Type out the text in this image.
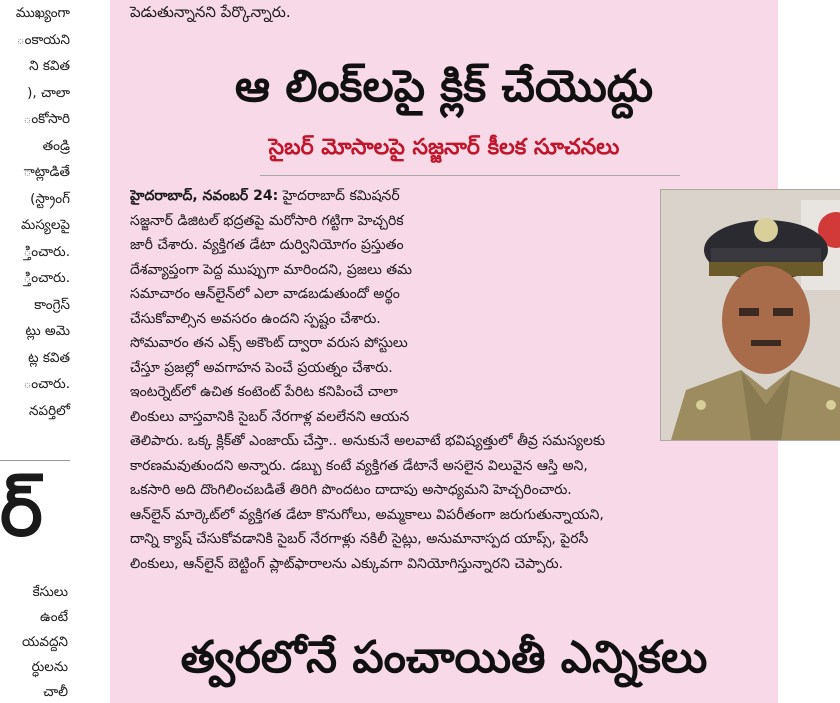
ముఖ్యంగా
ంకాయని
ని కవిత
), చాలా
ంకోసారి
తండ్రి
ాట్లాడితే
(స్ట్రాంగ్
మస్యలపై
్తించారు.
్తించారు.
కాంగ్రెస్
ట్లు అమె
ట్ల కవిత
ంచారు.
నపర్తిలో
ర్
కేసులు
ఉంటే
యవద్దని
ర్ధులను
చాలీ
పెడుతున్నానని పేర్కొన్నారు.
ఆ లింక్‌లపై క్లిక్ చేయొద్దు
సైబర్ మోసాలపై సజ్జనార్ కీలక సూచనలు
హైదరాబాద్, నవంబర్ 24: హైదరాబాద్ కమిషనర్
సజ్జనార్ డిజిటల్ భద్రతపై మరోసారి గట్టిగా హెచ్చరిక
జారీ చేశారు. వ్యక్తిగత డేటా దుర్వినియోగం ప్రస్తుతం
దేశవ్యాప్తంగా పెద్ద ముప్పుగా మారిందని, ప్రజలు తమ
సమాచారం ఆన్‌లైన్‌లో ఎలా వాడబడుతుందో అర్థం
చేసుకోవాల్సిన అవసరం ఉందని స్పష్టం చేశారు.
సోమవారం తన ఎక్స్ అకౌంట్ ద్వారా వరుస పోస్టులు
చేస్తూ ప్రజల్లో అవగాహన పెంచే ప్రయత్నం చేశారు.
ఇంటర్నెట్‌లో ఉచిత కంటెంట్ పేరిట కనిపించే చాలా
లింకులు వాస్తవానికి సైబర్ నేరగాళ్ల వలలేనని ఆయన
తెలిపారు. ఒక్క క్లిక్‌తో ఎంజాయ్ చేస్తా.. అనుకునే అలవాటే భవిష్యత్తులో తీవ్ర సమస్యలకు
కారణమవుతుందని అన్నారు. డబ్బు కంటే వ్యక్తిగత డేటానే అసలైన విలువైన ఆస్తి అని,
ఒకసారి అది దొంగిలించబడితే తిరిగి పొందటం దాదాపు అసాధ్యమని హెచ్చరించారు.
ఆన్‌లైన్ మార్కెట్‌లో వ్యక్తిగత డేటా కొనుగోలు, అమ్మకాలు విపరీతంగా జరుగుతున్నాయని,
దాన్ని క్యాష్ చేసుకోవడానికి సైబర్ నేరగాళ్లు నకిలీ సైట్లు, అనుమానాస్పద యాప్స్, పైరసీ
లింకులు, ఆన్‌లైన్ బెట్టింగ్ ప్లాట్‌ఫారాలను ఎక్కువగా వినియోగిస్తున్నారని చెప్పారు.
త్వరలోనే పంచాయితీ ఎన్నికలు
